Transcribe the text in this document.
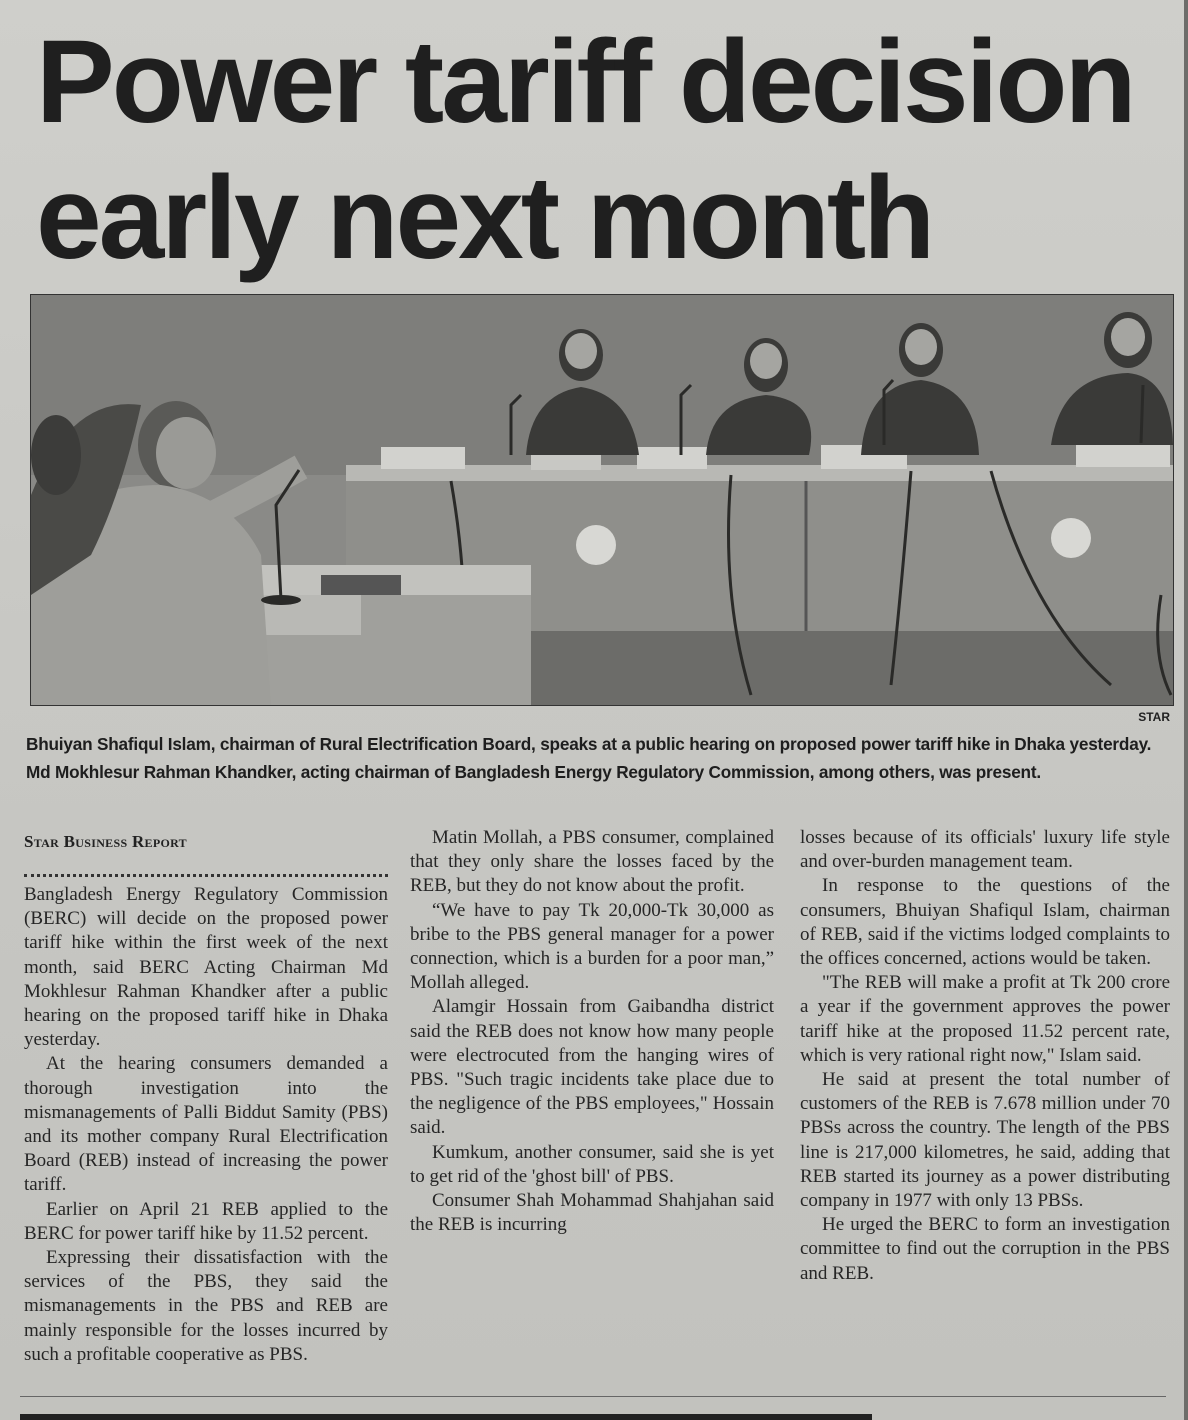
Power tariff decision
early next month
STAR

Bhuiyan Shafiqul Islam, chairman of Rural Electrification Board, speaks at a public hearing on proposed power tariff hike in Dhaka yesterday. Md Mokhlesur Rahman Khandker, acting chairman of Bangladesh Energy Regulatory Commission, among others, was present.

Star Business Report

Bangladesh Energy Regulatory Commission (BERC) will decide on the proposed power tariff hike within the first week of the next month, said BERC Acting Chairman Md Mokhlesur Rahman Khandker after a public hearing on the proposed tariff hike in Dhaka yesterday.

At the hearing consumers demanded a thorough investigation into the mismanagements of Palli Biddut Samity (PBS) and its mother company Rural Electrification Board (REB) instead of increasing the power tariff.

Earlier on April 21 REB applied to the BERC for power tariff hike by 11.52 percent.

Expressing their dissatisfaction with the services of the PBS, they said the mismanagements in the PBS and REB are mainly responsible for the losses incurred by such a profitable cooperative as PBS.

Matin Mollah, a PBS consumer, complained that they only share the losses faced by the REB, but they do not know about the profit.

“We have to pay Tk 20,000-Tk 30,000 as bribe to the PBS general manager for a power connection, which is a burden for a poor man,” Mollah alleged.

Alamgir Hossain from Gaibandha district said the REB does not know how many people were electrocuted from the hanging wires of PBS. "Such tragic incidents take place due to the negligence of the PBS employees," Hossain said.

Kumkum, another consumer, said she is yet to get rid of the 'ghost bill' of PBS.

Consumer Shah Mohammad Shahjahan said the REB is incurring

losses because of its officials' luxury life style and over-burden management team.

In response to the questions of the consumers, Bhuiyan Shafiqul Islam, chairman of REB, said if the victims lodged complaints to the offices concerned, actions would be taken.

"The REB will make a profit at Tk 200 crore a year if the government approves the power tariff hike at the proposed 11.52 percent rate, which is very rational right now," Islam said.

He said at present the total number of customers of the REB is 7.678 million under 70 PBSs across the country. The length of the PBS line is 217,000 kilometres, he said, adding that REB started its journey as a power distributing company in 1977 with only 13 PBSs.

He urged the BERC to form an investigation committee to find out the corruption in the PBS and REB.
